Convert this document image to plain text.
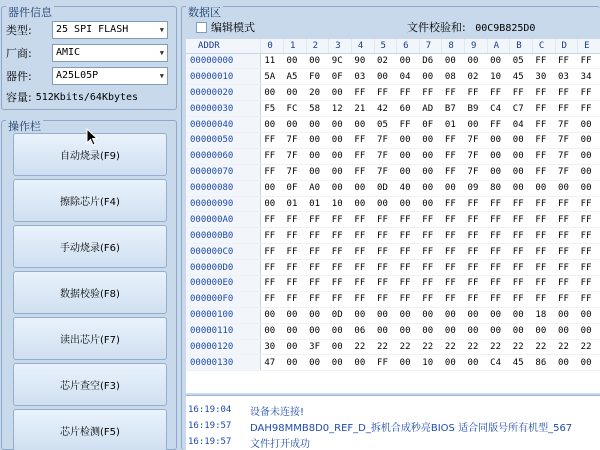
器件信息
类型:	25 SPI FLASH	▼
厂商:	AMIC	▼
器件:	A25L05P	▼
容量: 512Kbits/64Kbytes
操作栏
自动烧录(F9)
擦除芯片(F4)
手动烧录(F6)
数据校验(F8)
读出芯片(F7)
芯片查空(F3)
芯片检测(F5)
数据区
编辑模式	文件校验和: 00C9B825D0
ADDR	0	1	2	3	4	5	6	7	8	9	A	B	C	D	E
00000000	11	00	00	9C	90	02	00	D6	00	00	00	05	FF	FF	FF
00000010	5A	A5	F0	0F	03	00	04	00	08	02	10	45	30	03	34
00000020	00	00	20	00	FF	FF	FF	FF	FF	FF	FF	FF	FF	FF	FF
00000030	F5	FC	58	12	21	42	60	AD	B7	B9	C4	C7	FF	FF	FF
00000040	00	00	00	00	00	05	FF	0F	01	00	FF	04	FF	7F	00
00000050	FF	7F	00	00	FF	7F	00	00	FF	7F	00	00	FF	7F	00
00000060	FF	7F	00	00	FF	7F	00	00	FF	7F	00	00	FF	7F	00
00000070	FF	7F	00	00	FF	7F	00	00	FF	7F	00	00	FF	7F	00
00000080	00	0F	A0	00	00	0D	40	00	00	09	80	00	00	00	00
00000090	00	01	01	10	00	00	00	00	FF	FF	FF	FF	FF	FF	FF
000000A0	FF	FF	FF	FF	FF	FF	FF	FF	FF	FF	FF	FF	FF	FF	FF
000000B0	FF	FF	FF	FF	FF	FF	FF	FF	FF	FF	FF	FF	FF	FF	FF
000000C0	FF	FF	FF	FF	FF	FF	FF	FF	FF	FF	FF	FF	FF	FF	FF
000000D0	FF	FF	FF	FF	FF	FF	FF	FF	FF	FF	FF	FF	FF	FF	FF
000000E0	FF	FF	FF	FF	FF	FF	FF	FF	FF	FF	FF	FF	FF	FF	FF
000000F0	FF	FF	FF	FF	FF	FF	FF	FF	FF	FF	FF	FF	FF	FF	FF
00000100	00	00	00	0D	00	00	00	00	00	00	00	00	18	00	00
00000110	00	00	00	00	06	00	00	00	00	00	00	00	00	00	00
00000120	30	00	3F	00	22	22	22	22	22	22	22	22	22	22	22
00000130	47	00	00	00	00	FF	00	10	00	00	C4	45	86	00	00
16:19:04	设备未连接!
16:19:57	DAH98MMB8D0_REF_D_拆机合成秒亮BIOS 适合同版号所有机型_567
16:19:57	文件打开成功
